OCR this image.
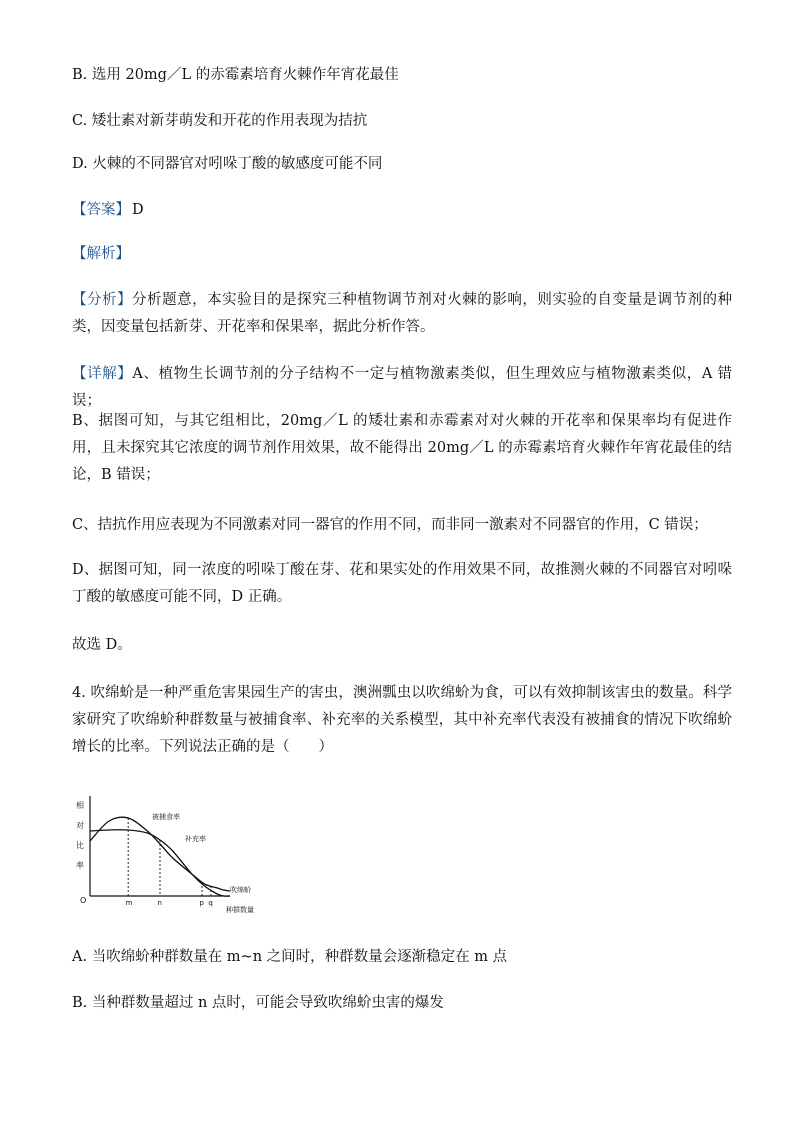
B. 选用 20mg／L 的赤霉素培育火棘作年宵花最佳
C. 矮壮素对新芽萌发和开花的作用表现为拮抗
D. 火棘的不同器官对吲哚丁酸的敏感度可能不同
【答案】 D
【解析】
【分析】分析题意，本实验目的是探究三种植物调节剂对火棘的影响，则实验的自变量是调节剂的种类，因变量包括新芽、开花率和保果率，据此分析作答。
【详解】A、植物生长调节剂的分子结构不一定与植物激素类似，但生理效应与植物激素类似，A 错误；
B、据图可知，与其它组相比，20mg／L 的矮壮素和赤霉素对对火棘的开花率和保果率均有促进作用，且未探究其它浓度的调节剂作用效果，故不能得出 20mg／L 的赤霉素培育火棘作年宵花最佳的结论，B 错误；
C、拮抗作用应表现为不同激素对同一器官的作用不同，而非同一激素对不同器官的作用，C 错误；
D、据图可知，同一浓度的吲哚丁酸在芽、花和果实处的作用效果不同，故推测火棘的不同器官对吲哚丁酸的敏感度可能不同，D 正确。
故选 D。
4. 吹绵蚧是一种严重危害果园生产的害虫，澳洲瓢虫以吹绵蚧为食，可以有效抑制该害虫的数量。科学家研究了吹绵蚧种群数量与被捕食率、补充率的关系模型，其中补充率代表没有被捕食的情况下吹绵蚧增长的比率。下列说法正确的是（　　）
相
对
比
率
O
吹绵蚧
种群数量
m	n	p q
被捕食率
补充率
A. 当吹绵蚧种群数量在 m~n 之间时，种群数量会逐渐稳定在 m 点
B. 当种群数量超过 n 点时，可能会导致吹绵蚧虫害的爆发
